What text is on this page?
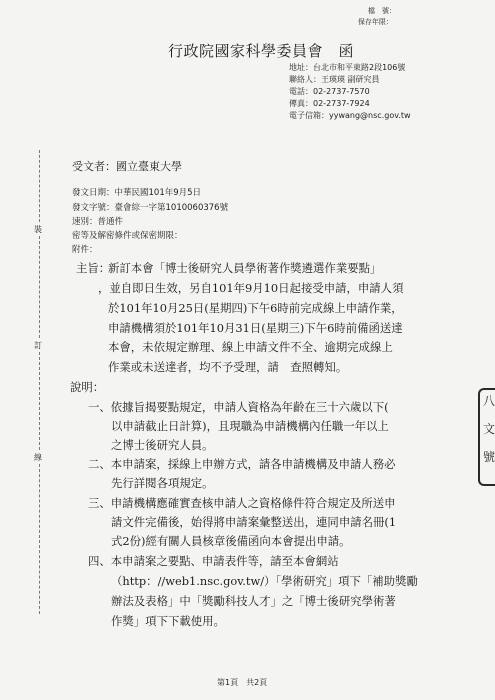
檔　號：
保存年限：
行政院國家科學委員會　函
地址：台北市和平東路2段106號
聯絡人：王瑛瑛 副研究員
電話：02-2737-7570
傳真：02-2737-7924
電子信箱：yywang@nsc.gov.tw
受文者：國立臺東大學
發文日期：中華民國101年9月5日
發文字號：臺會綜一字第1010060376號
速別：普通件
密等及解密條件或保密期限：
附件：
主旨：
新訂本會「博士後研究人員學術著作獎遴選作業要點」
，並自即日生效，另自101年9月10日起接受申請，申請人須
於101年10月25日(星期四)下午6時前完成線上申請作業，
申請機構須於101年10月31日(星期三)下午6時前備函送達
本會，未依規定辦理、線上申請文件不全、逾期完成線上
作業或未送達者，均不予受理，請　查照轉知。
說明：
一、依據旨揭要點規定，申請人資格為年齡在三十六歲以下(
以申請截止日計算)，且現職為申請機構內任職一年以上
之博士後研究人員。
二、本申請案，採線上申辦方式，請各申請機構及申請人務必
先行詳閱各項規定。
三、申請機構應確實查核申請人之資格條件符合規定及所送申
請文件完備後，始得將申請案彙整送出，連同申請名冊(1
式2份)經有關人員核章後備函向本會提出申請。
四、本申請案之要點、申請表件等，請至本會網站
（http：//web1.nsc.gov.tw/）「學術研究」項下「補助獎勵
辦法及表格」中「獎勵科技人才」之「博士後研究學術著
作獎」項下下載使用。
裝
訂
線
八
文
號
第1頁　共2頁
